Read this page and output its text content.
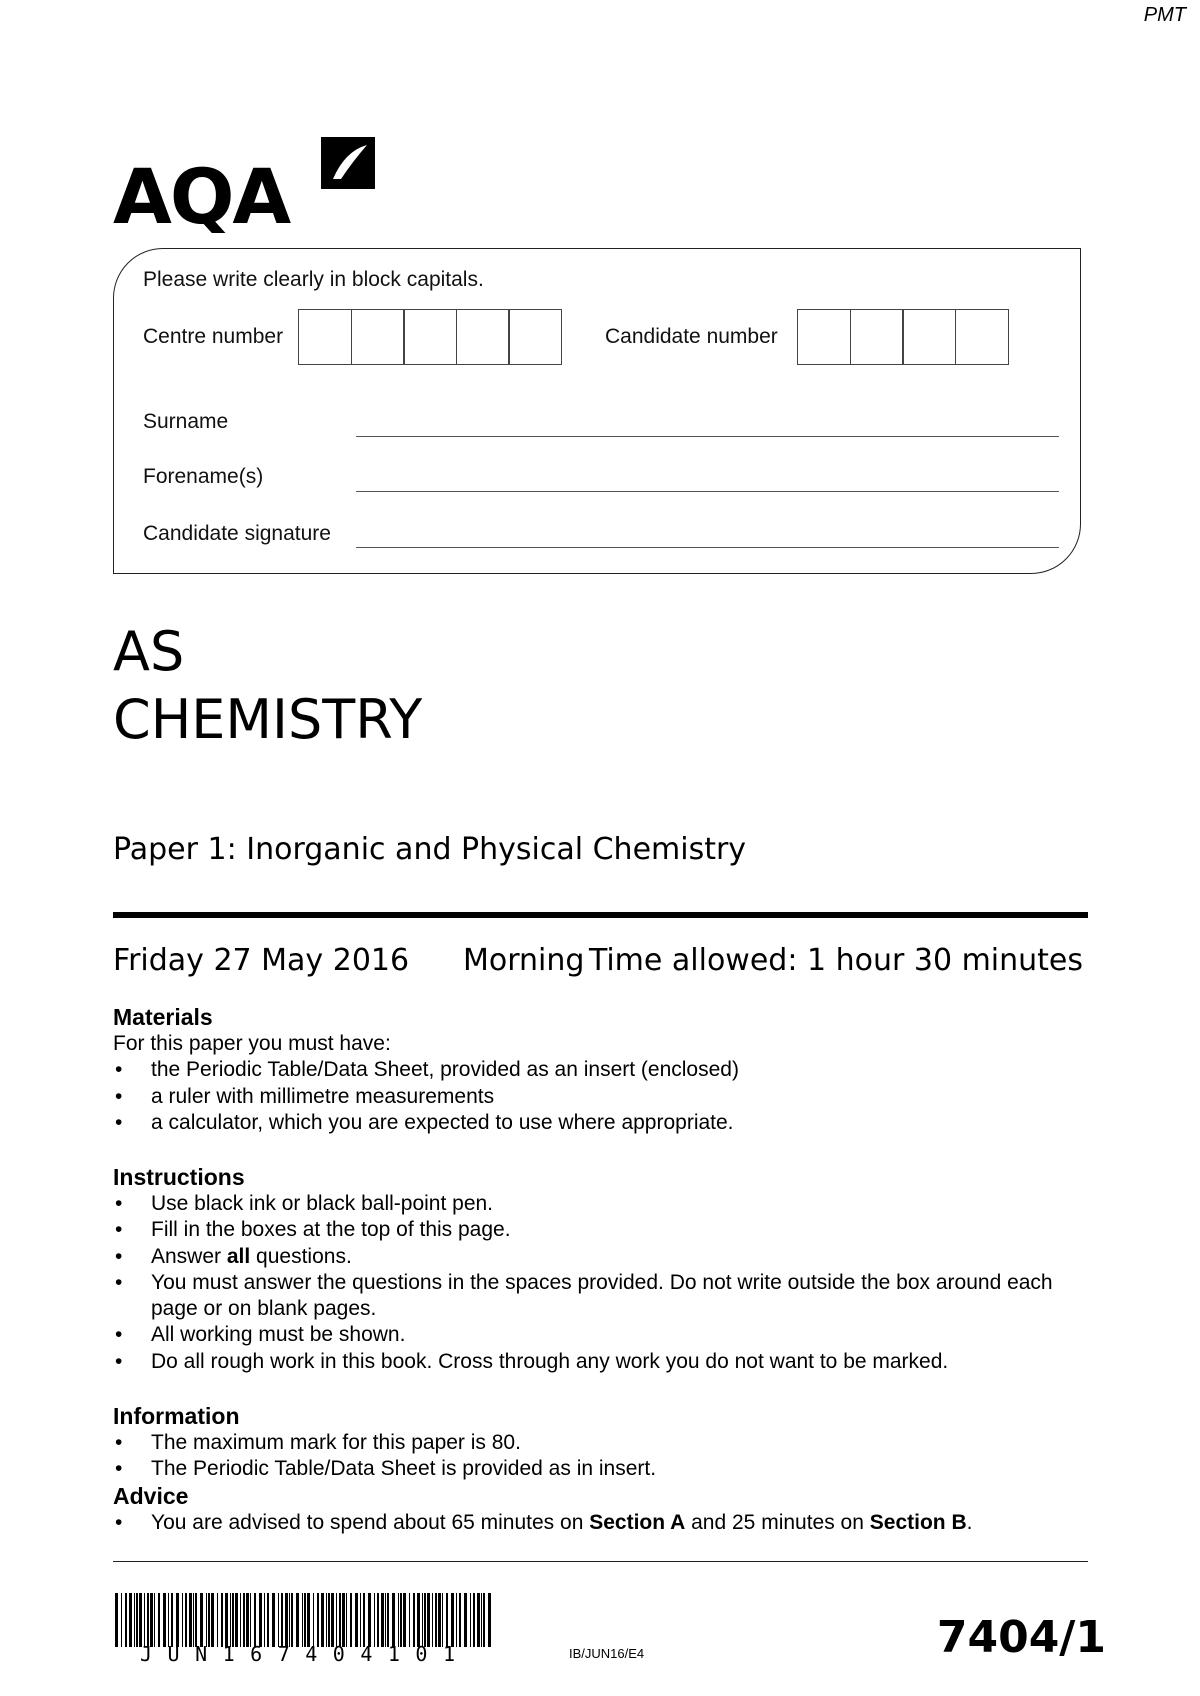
PMT
AQA
Please write clearly in block capitals.
Centre number	Candidate number
Surname
Forename(s)
Candidate signature
AS
CHEMISTRY
Paper 1: Inorganic and Physical Chemistry
Friday 27 May 2016 Morning Time allowed: 1 hour 30 minutes
Materials
For this paper you must have:
• the Periodic Table/Data Sheet, provided as an insert (enclosed)
• a ruler with millimetre measurements
• a calculator, which you are expected to use where appropriate.
Instructions
• Use black ink or black ball-point pen.
• Fill in the boxes at the top of this page.
• Answer all questions.
• You must answer the questions in the spaces provided. Do not write outside the box around each page or on blank pages.
• All working must be shown.
• Do all rough work in this book. Cross through any work you do not want to be marked.
Information
• The maximum mark for this paper is 80.
• The Periodic Table/Data Sheet is provided as in insert.
Advice
• You are advised to spend about 65 minutes on Section A and 25 minutes on Section B.
JUN167404101	IB/JUN16/E4	7404/1
